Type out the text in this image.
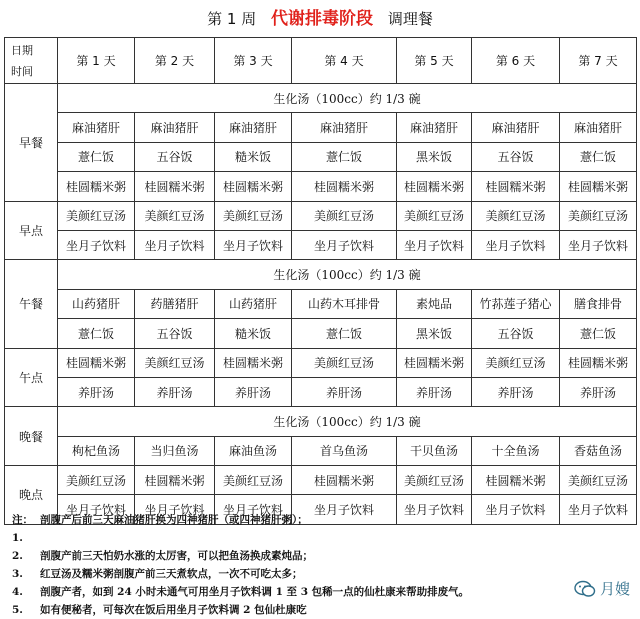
第 1 周 代谢排毒阶段 调理餐
日期
时间	第 1 天	第 2 天	第 3 天	第 4 天	第 5 天	第 6 天	第 7 天
早餐	生化汤（100cc）约 1/3 碗						
	麻油猪肝	麻油猪肝	麻油猪肝	麻油猪肝	麻油猪肝	麻油猪肝	麻油猪肝
	薏仁饭	五谷饭	糙米饭	薏仁饭	黑米饭	五谷饭	薏仁饭
	桂圆糯米粥	桂圆糯米粥	桂圆糯米粥	桂圆糯米粥	桂圆糯米粥	桂圆糯米粥	桂圆糯米粥
早点	美颜红豆汤	美颜红豆汤	美颜红豆汤	美颜红豆汤	美颜红豆汤	美颜红豆汤	美颜红豆汤
	坐月子饮料	坐月子饮料	坐月子饮料	坐月子饮料	坐月子饮料	坐月子饮料	坐月子饮料
午餐	生化汤（100cc）约 1/3 碗						
	山药猪肝	药膳猪肝	山药猪肝	山药木耳排骨	素炖品	竹荪莲子猪心	膳食排骨
	薏仁饭	五谷饭	糙米饭	薏仁饭	黑米饭	五谷饭	薏仁饭
午点	桂圆糯米粥	美颜红豆汤	桂圆糯米粥	美颜红豆汤	桂圆糯米粥	美颜红豆汤	桂圆糯米粥
	养肝汤	养肝汤	养肝汤	养肝汤	养肝汤	养肝汤	养肝汤
晚餐	生化汤（100cc）约 1/3 碗						
	枸杞鱼汤	当归鱼汤	麻油鱼汤	首乌鱼汤	干贝鱼汤	十全鱼汤	香菇鱼汤
晚点	美颜红豆汤	桂圆糯米粥	美颜红豆汤	桂圆糯米粥	美颜红豆汤	桂圆糯米粥	美颜红豆汤
	坐月子饮料	坐月子饮料	坐月子饮料	坐月子饮料	坐月子饮料	坐月子饮料	坐月子饮料
注：1.
剖腹产后前三天麻油猪肝换为四神猪肝（或四神猪肝粥）；
2.	剖腹产前三天怕奶水涨的太厉害，可以把鱼汤换成素炖品；
3.	红豆汤及糯米粥剖腹产前三天煮软点，一次不可吃太多；
4.	剖腹产者，如到 24 小时未通气可用坐月子饮料调 1 至 3 包稀一点的仙杜康来帮助排废气。
5.	如有便秘者，可每次在饭后用坐月子饮料调 2 包仙杜康吃
月嫂
